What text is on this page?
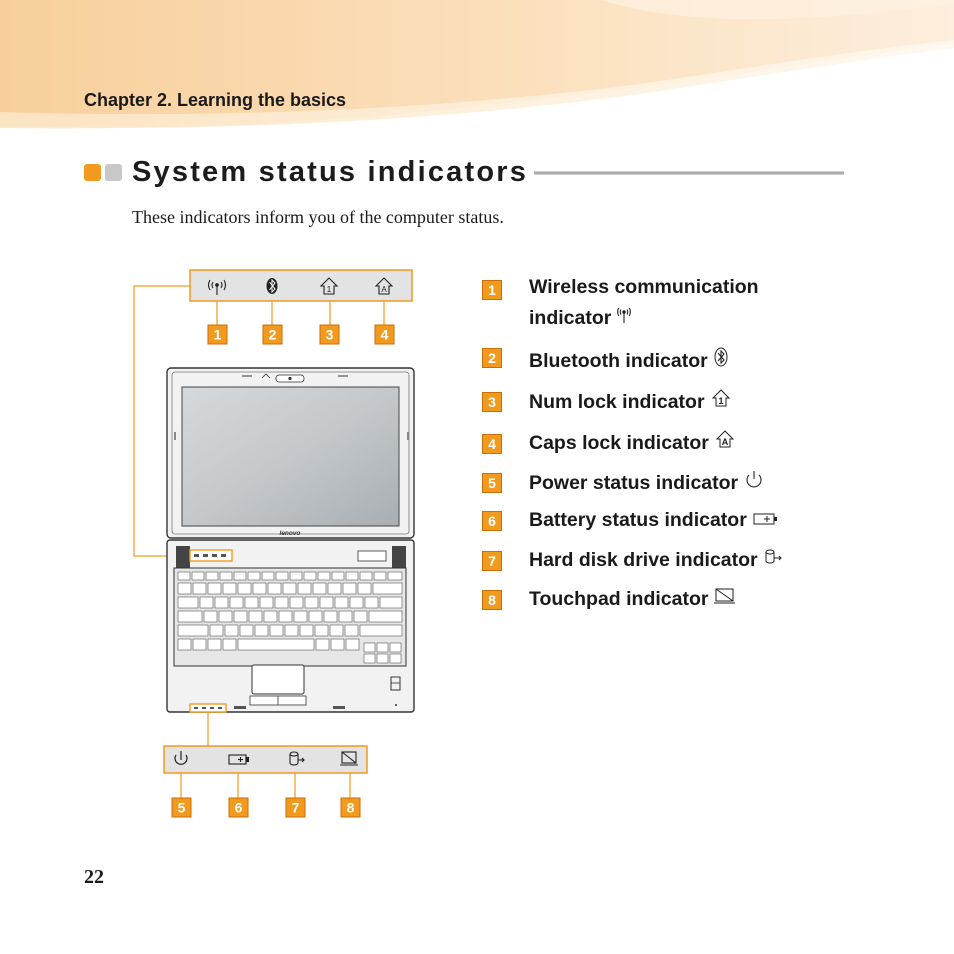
Chapter 2. Learning the basics
System status indicators
These indicators inform you of the computer status.
1	A
1	2	3	4
lenovo
5	6	7	8
1	Wireless communication
indicator
2	Bluetooth indicator
3	Num lock indicator 1
4	Caps lock indicator A
5	Power status indicator
6	Battery status indicator
7	Hard disk drive indicator
8	Touchpad indicator
22
